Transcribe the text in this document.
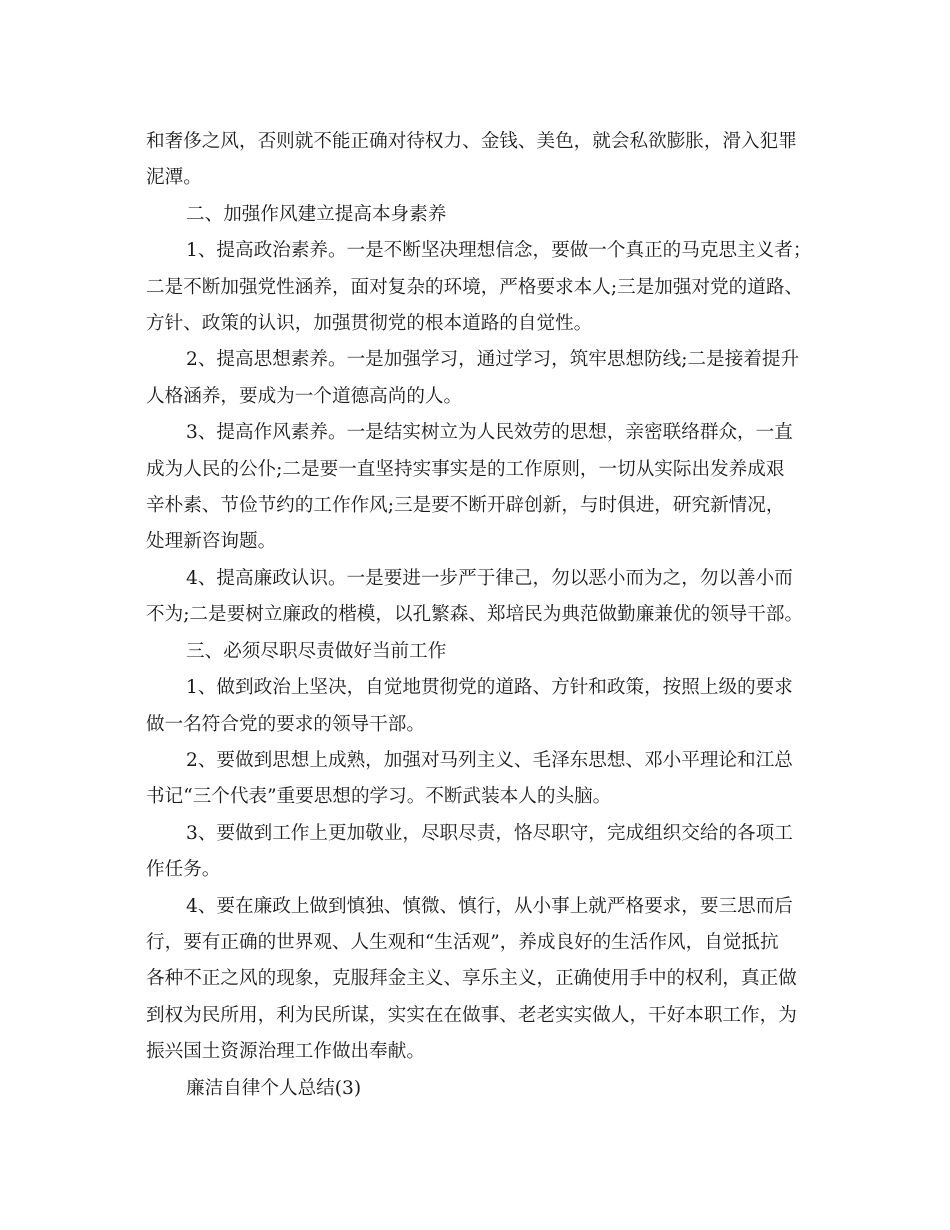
和奢侈之风，否则就不能正确对待权力、金钱、美色，就会私欲膨胀，滑入犯罪
泥潭。
二、加强作风建立提高本身素养
1、提高政治素养。一是不断坚决理想信念，要做一个真正的马克思主义者；
二是不断加强党性涵养，面对复杂的环境，严格要求本人;三是加强对党的道路、
方针、政策的认识，加强贯彻党的根本道路的自觉性。
2、提高思想素养。一是加强学习，通过学习，筑牢思想防线;二是接着提升
人格涵养，要成为一个道德高尚的人。
3、提高作风素养。一是结实树立为人民效劳的思想，亲密联络群众，一直
成为人民的公仆;二是要一直坚持实事实是的工作原则，一切从实际出发养成艰
辛朴素、节俭节约的工作作风;三是要不断开辟创新，与时俱进，研究新情况，
处理新咨询题。
4、提高廉政认识。一是要进一步严于律己，勿以恶小而为之，勿以善小而
不为;二是要树立廉政的楷模，以孔繁森、郑培民为典范做勤廉兼优的领导干部。
三、必须尽职尽责做好当前工作
1、做到政治上坚决，自觉地贯彻党的道路、方针和政策，按照上级的要求
做一名符合党的要求的领导干部。
2、要做到思想上成熟，加强对马列主义、毛泽东思想、邓小平理论和江总
书记“三个代表”重要思想的学习。不断武装本人的头脑。
3、要做到工作上更加敬业，尽职尽责，恪尽职守，完成组织交给的各项工
作任务。
4、要在廉政上做到慎独、慎微、慎行，从小事上就严格要求，要三思而后
行，要有正确的世界观、人生观和“生活观”，养成良好的生活作风，自觉抵抗
各种不正之风的现象，克服拜金主义、享乐主义，正确使用手中的权利，真正做
到权为民所用，利为民所谋，实实在在做事、老老实实做人，干好本职工作，为
振兴国土资源治理工作做出奉献。
廉洁自律个人总结(3)
